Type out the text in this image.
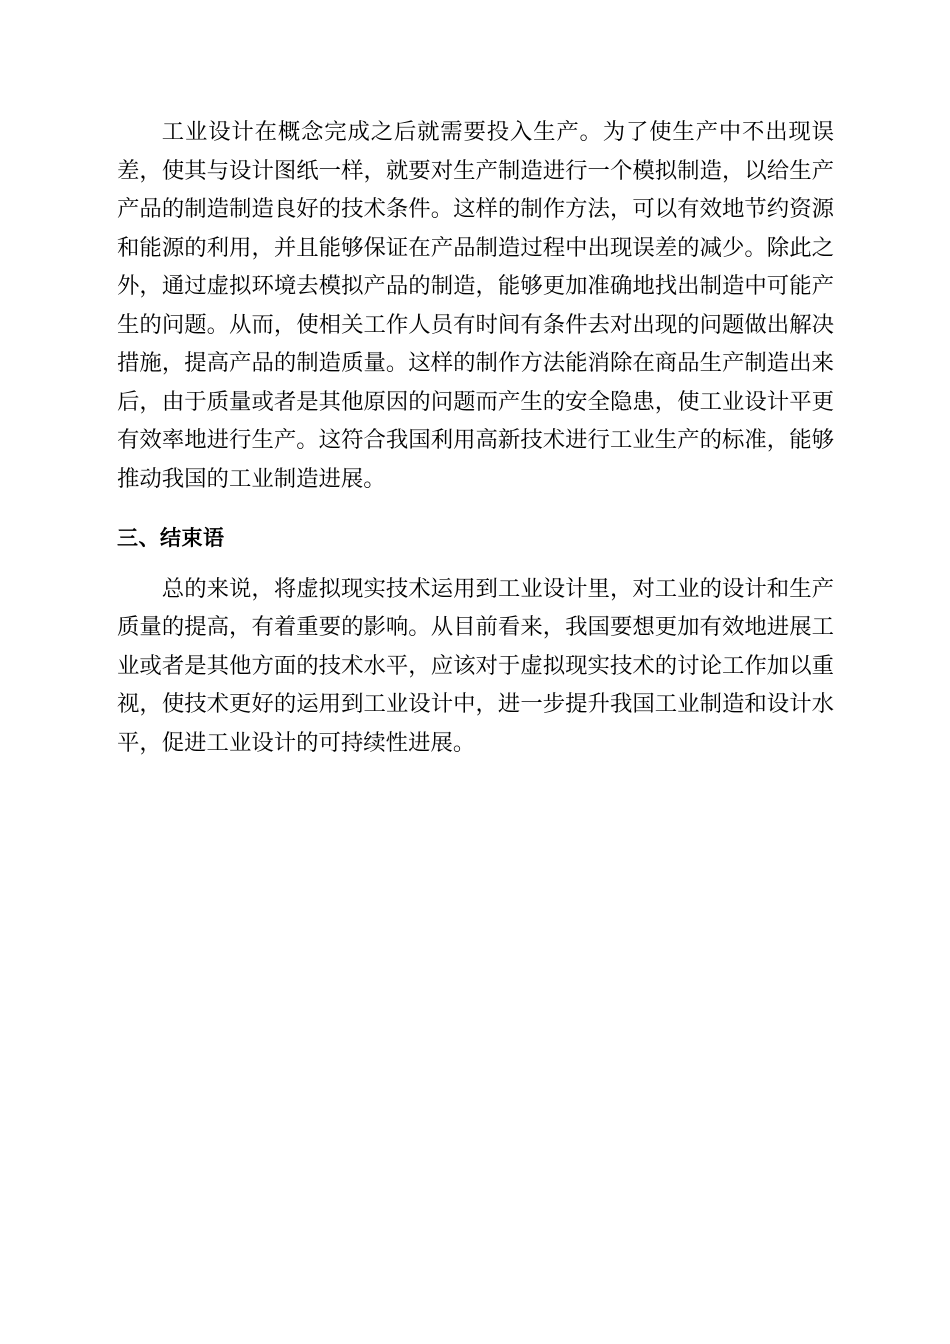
工业设计在概念完成之后就需要投入生产。为了使生产中不出现误差，使其与设计图纸一样，就要对生产制造进行一个模拟制造，以给生产产品的制造制造良好的技术条件。这样的制作方法，可以有效地节约资源和能源的利用，并且能够保证在产品制造过程中出现误差的减少。除此之外，通过虚拟环境去模拟产品的制造，能够更加准确地找出制造中可能产生的问题。从而，使相关工作人员有时间有条件去对出现的问题做出解决措施，提高产品的制造质量。这样的制作方法能消除在商品生产制造出来后，由于质量或者是其他原因的问题而产生的安全隐患，使工业设计平更有效率地进行生产。这符合我国利用高新技术进行工业生产的标准，能够推动我国的工业制造进展。

三、结束语

总的来说，将虚拟现实技术运用到工业设计里，对工业的设计和生产质量的提高，有着重要的影响。从目前看来，我国要想更加有效地进展工业或者是其他方面的技术水平，应该对于虚拟现实技术的讨论工作加以重视，使技术更好的运用到工业设计中，进一步提升我国工业制造和设计水平，促进工业设计的可持续性进展。
